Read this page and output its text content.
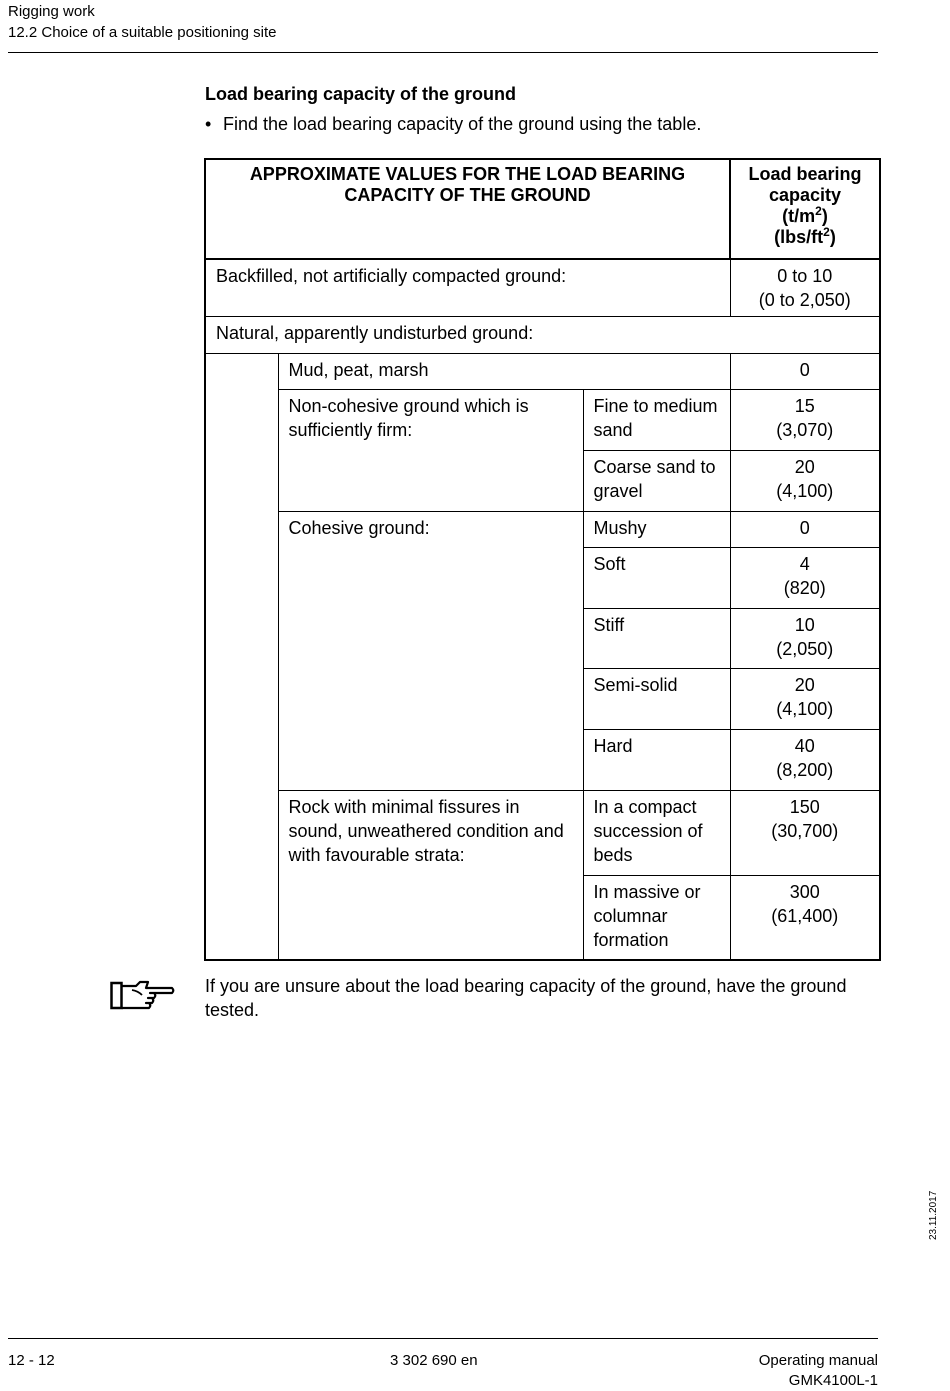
Rigging work
12.2 Choice of a suitable positioning site
Load bearing capacity of the ground
• Find the load bearing capacity of the ground using the table.
APPROXIMATE VALUES FOR THE LOAD BEARING
CAPACITY OF THE GROUND			Load bearing
capacity
$(t/m^2)$
$(lbs/ft^2)$
Backfilled, not artificially compacted ground:			0 to 10
(0 to 2,050)
Natural, apparently undisturbed ground:			
	Mud, peat, marsh		0
	Non-cohesive ground which is sufficiently firm:	Fine to medium sand	15
(3,070)
		Coarse sand to gravel	20
(4,100)
	Cohesive ground:	Mushy	0
		Soft	4
(820)
		Stiff	10
(2,050)
		Semi-solid	20
(4,100)
		Hard	40
(8,200)
	Rock with minimal fissures in sound, unweathered condition and with favourable strata:	In a compact succession of beds	150
(30,700)
		In massive or columnar formation	300
(61,400)
If you are unsure about the load bearing capacity of the ground, have the ground tested.
23.11.2017
12 - 12	3 302 690 en	Operating manual
GMK4100L-1
